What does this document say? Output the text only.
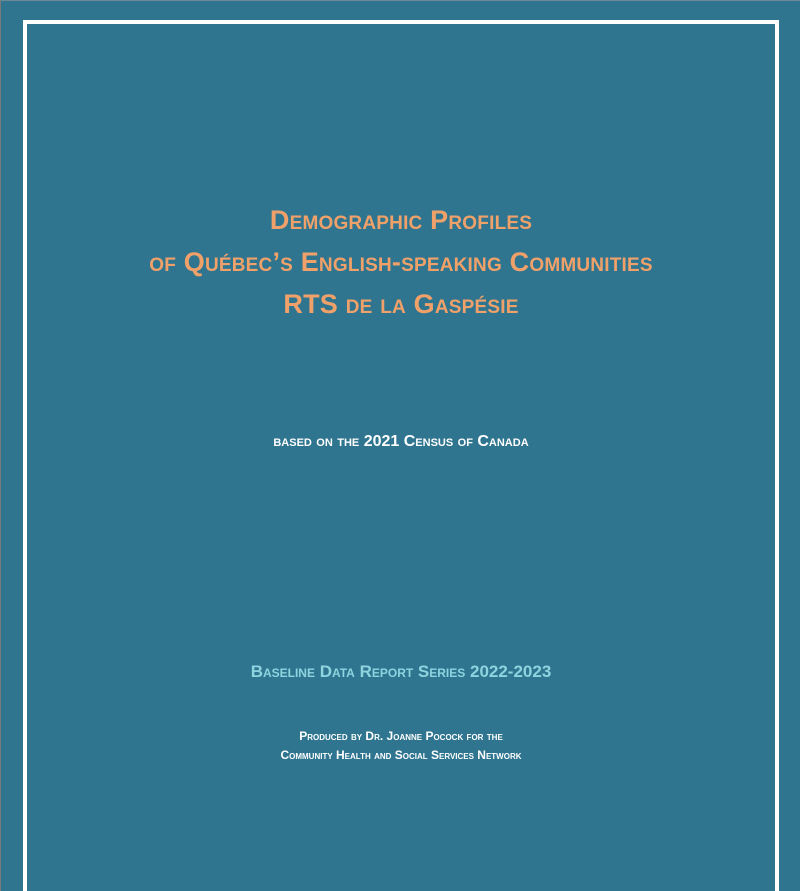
Demographic Profiles
of Québec’s English-speaking Communities
RTS de la Gaspésie
based on the 2021 Census of Canada
Baseline Data Report Series 2022-2023
Produced by Dr. Joanne Pocock for the
Community Health and Social Services Network
